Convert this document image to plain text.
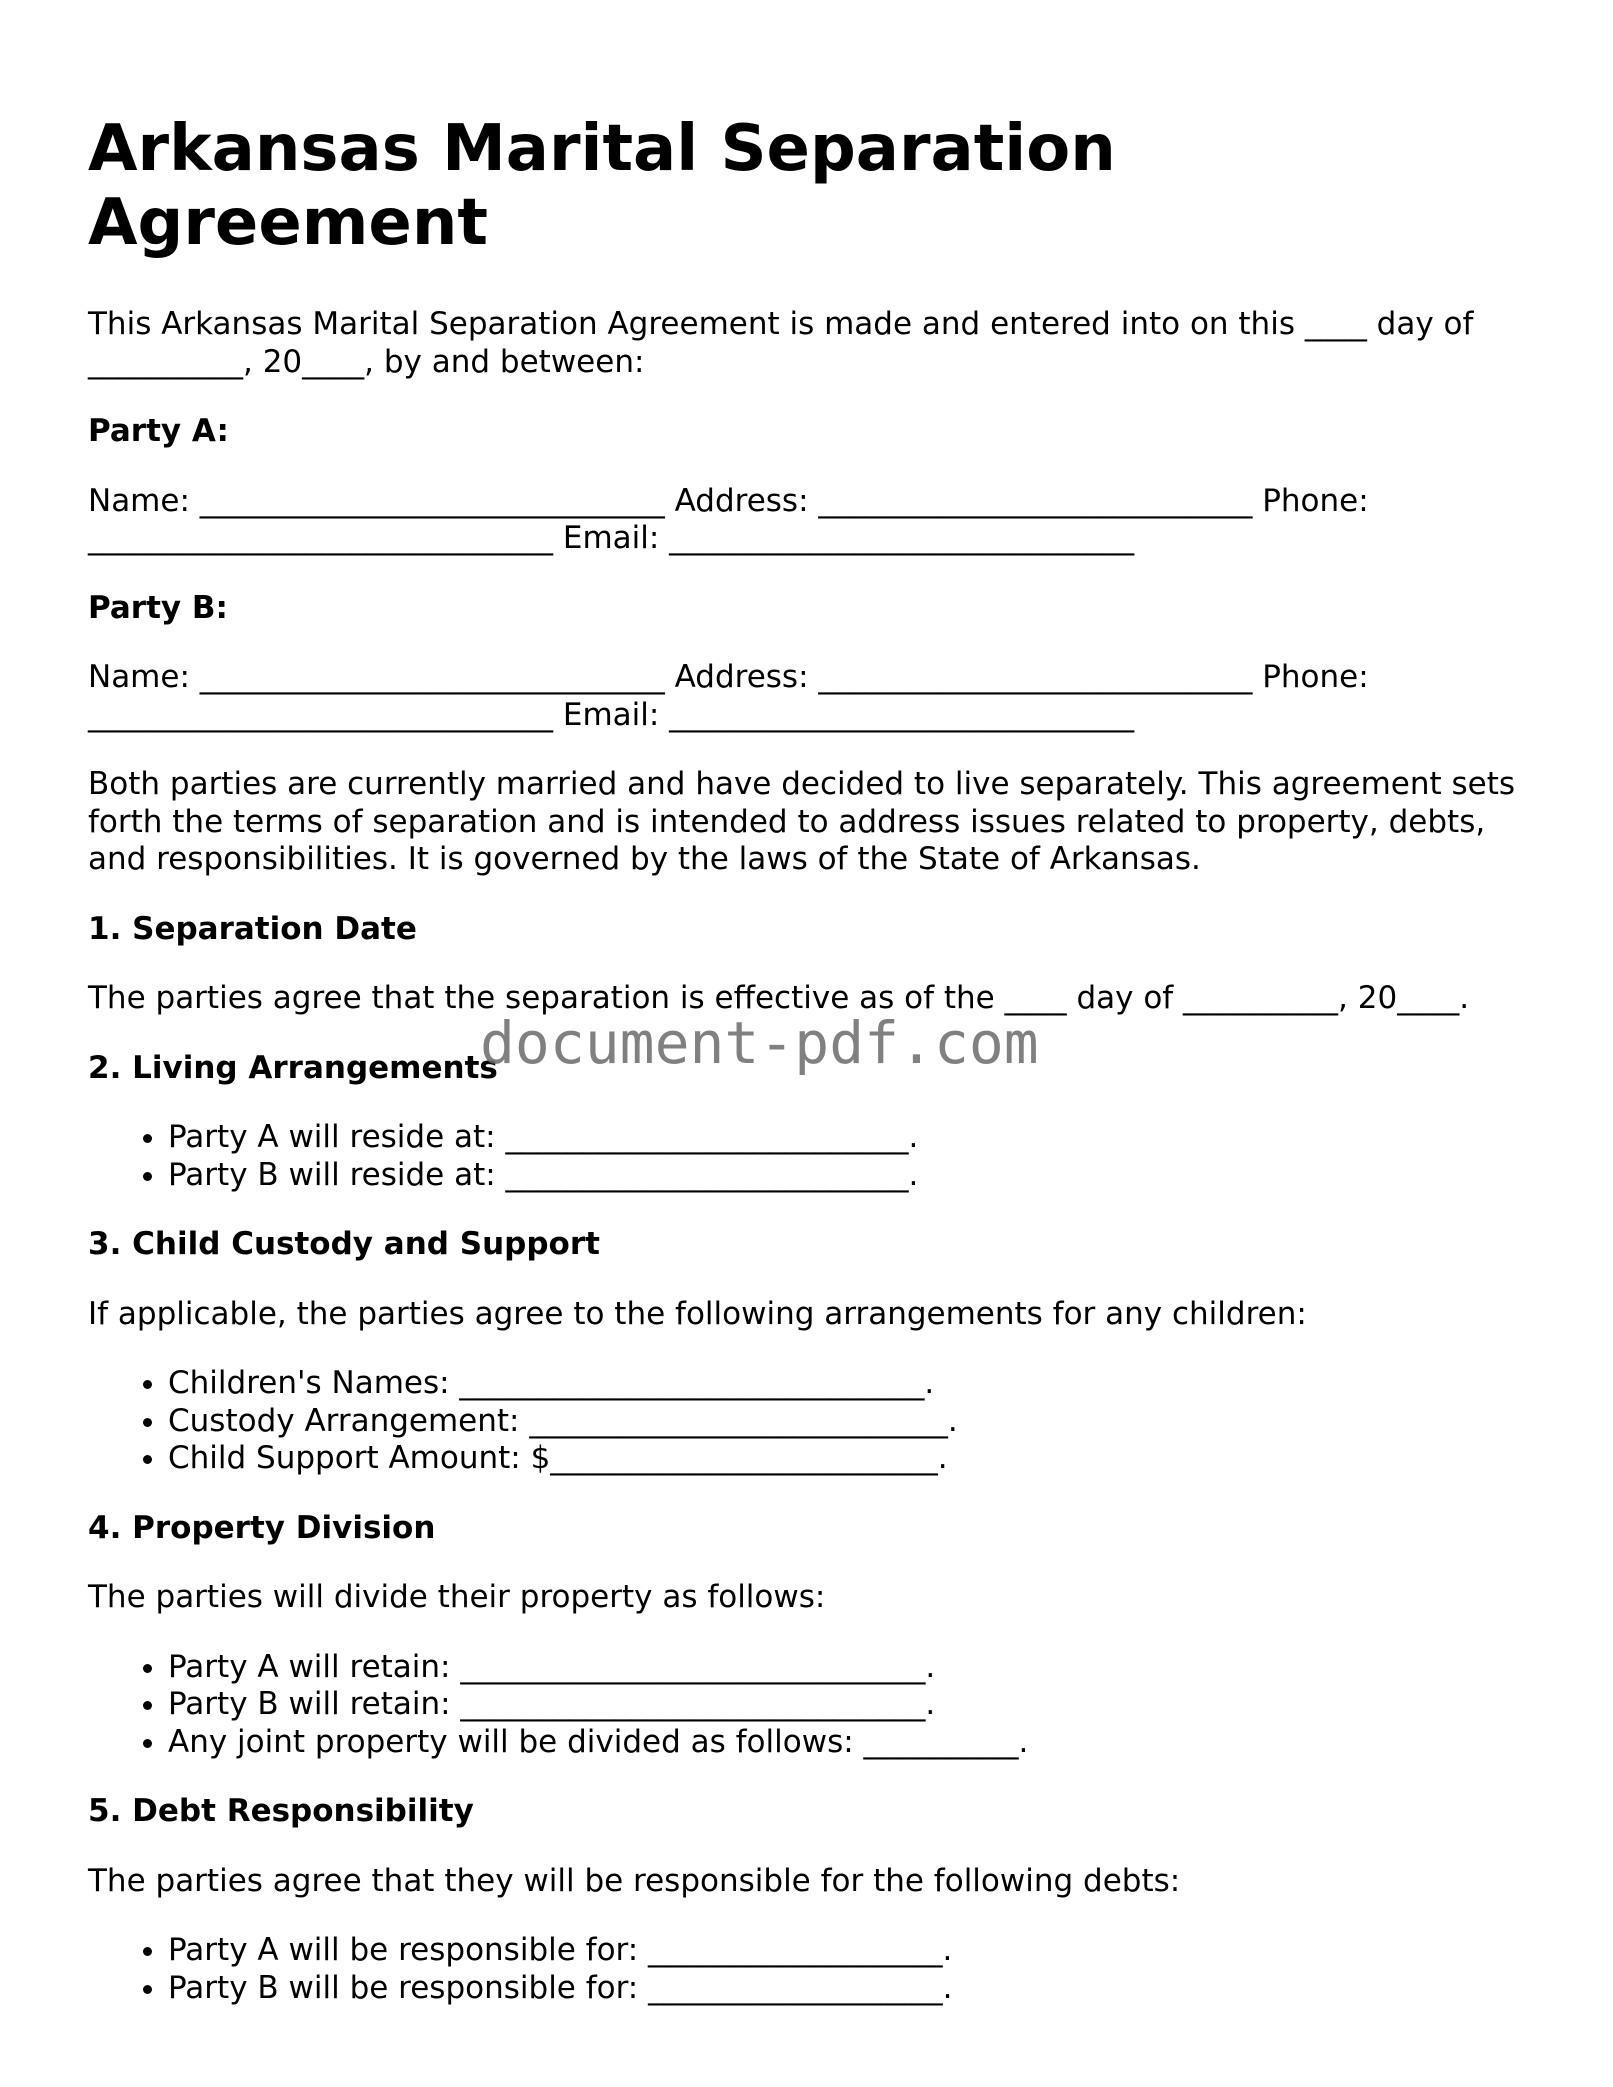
Arkansas Marital Separation Agreement

This Arkansas Marital Separation Agreement is made and entered into on this ____ day of __________, 20____, by and between:

Party A:

Name: ______________________________ Address: ____________________________ Phone: ______________________________ Email: ______________________________

Party B:

Name: ______________________________ Address: ____________________________ Phone: ______________________________ Email: ______________________________

Both parties are currently married and have decided to live separately. This agreement sets forth the terms of separation and is intended to address issues related to property, debts, and responsibilities. It is governed by the laws of the State of Arkansas.

1. Separation Date

The parties agree that the separation is effective as of the ____ day of __________, 20____.

2. Living Arrangements
• Party A will reside at: __________________________.
• Party B will reside at: __________________________.
3. Child Custody and Support

If applicable, the parties agree to the following arrangements for any children:

• Children's Names: ______________________________.
• Custody Arrangement: ___________________________.
• Child Support Amount: $_________________________.
4. Property Division

The parties will divide their property as follows:

• Party A will retain: ______________________________.
• Party B will retain: ______________________________.
• Any joint property will be divided as follows: __________.
5. Debt Responsibility

The parties agree that they will be responsible for the following debts:

• Party A will be responsible for: ___________________.
• Party B will be responsible for: ___________________.
document-pdf.com
